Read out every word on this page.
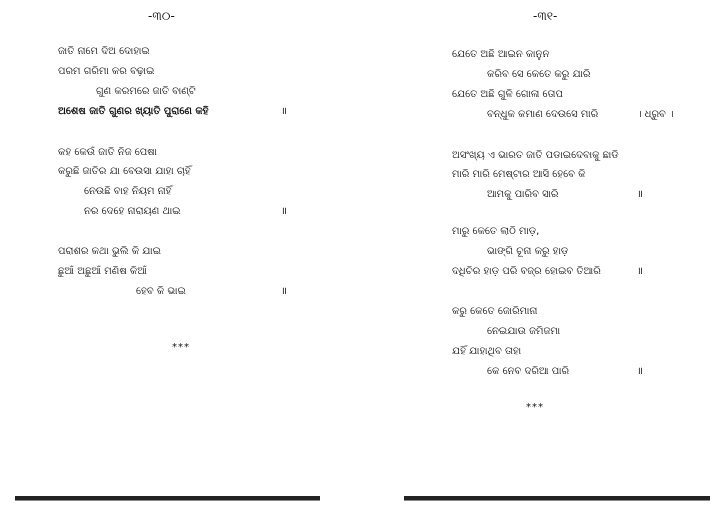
-୩୦-
ଜାତି ନାମେ ଦିଅ ଦୋହାଇ
ପରମ ଗରିମା କର ବଢ଼ାଇ
ଗୁଣ କରମରେ ଜାତି ବାଣ୍ଟି
ଅଶେଷ ଜାତି ଗୁଣର ଖ୍ୟାତି ପୁରାଣେ କହି	॥
କହ କେଉଁ ଜାତି ନିଜ ପେଷା
କରୁଛି ଜାତିର ଯା ବେଉସା ଯାହା ଚାହିଁ
ନେଉଛି ବାହ ନିୟମ ନାହିଁ
ନର ଦେହେ ନାରାୟଣ ଥାଇ	॥
ପରାଶର କଥା ଭୁଲି କି ଯାଇ
ଛୁଆଁ ଅଛୁଆଁ ମଣିଷ କିଆଁ
ହେବ କି ଭାଇ	॥
***
-୩୧-
ଯେତେ ଅଛି ଆଇନ କାନୁନ
କରିବ ସେ କେତେ କରୁ ଯାରି
ଯେତେ ଅଛି ଗୁଳି ଗୋଳା ତୋପ
ବନ୍ଧୁକ କମାଣ ଦେଉସେ ମାରି	। ଧ୍ରୁବ ।
ଅସଂଖ୍ୟ ଏ ଭାରତ ଜାତି ପଡାଇଦେବାକୁ ଛାଡି
ମାରି ମାରି ମେଷ୍ଟାର ଆସି ହେବେ କି
ଆମକୁ ପାରିବ ସାରି	॥
ମାରୁ କେତେ ଲାଠି ମାଡ଼,
ଭାଙ୍ଗି ଚୂନା କରୁ ହାଡ଼
ଦଧିଚିର ହାଡ଼ ପରି ବଜ୍ର ହୋଇବ ତିଆରି	॥
କରୁ କେତେ ଜୋରିମାନା
ନେଇଯାଉ ଜମିଜମା
ଯହିଁ ଯାହାଥିବ ତାହା
କେ ନେବ ଦରିଆ ପାରି	॥
***
